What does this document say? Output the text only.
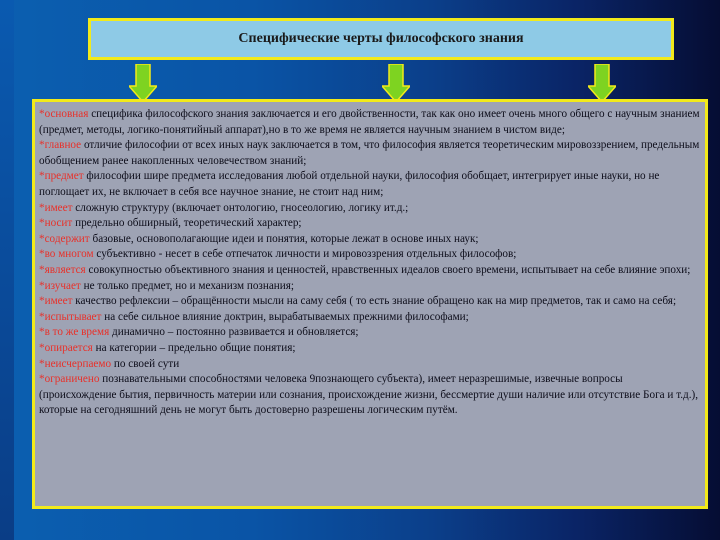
Специфические черты философского знания

*основная специфика философского знания заключается и его двойственности, так как оно имеет очень много общего с научным знанием (предмет, методы, логико-понятийный аппарат),но в то же время не является научным знанием в чистом виде;

*главное отличие философии от всех иных наук заключается в том, что философия является теоретическим мировоззрением, предельным обобщением ранее накопленных человечеством знаний;

*предмет философии шире предмета исследования любой отдельной науки, философия обобщает, интегрирует иные науки, но не поглощает их, не включает в себя все научное знание, не стоит над ним;

*имеет сложную структуру (включает онтологию, гносеологию, логику ит.д.;

*носит предельно обширный, теоретический характер;

*содержит базовые, основополагающие идеи и понятия, которые лежат в основе иных наук;

*во многом субъективно - несет в себе отпечаток личности и мировоззрения отдельных философов;

*является совокупностью объективного знания и ценностей, нравственных идеалов своего времени, испытывает на себе влияние эпохи;

*изучает не только предмет, но и механизм познания;

*имеет качество рефлексии – обращённости мысли на саму себя ( то есть знание обращено как на мир предметов, так и само на себя;

*испытывает на себе сильное влияние доктрин, вырабатываемых прежними философами;

*в то же время динамично – постоянно развивается и обновляется;

*опирается на категории – предельно общие понятия;

*неисчерпаемо по своей сути

*ограничено познавательными способностями человека 9познающего субъекта), имеет неразрешимые, извечные вопросы (происхождение бытия, первичность материи или сознания, происхождение жизни, бессмертие души наличие или отсутствие Бога и т.д.), которые на сегодняшний день не могут быть достоверно разрешены логическим путём.
